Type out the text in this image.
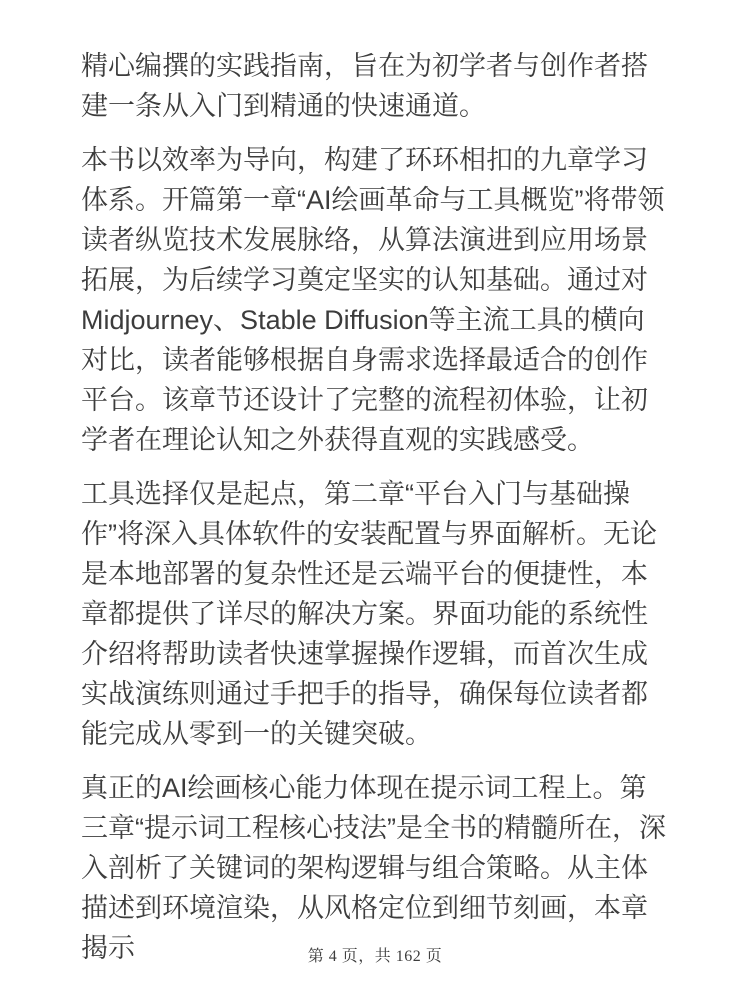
精心编撰的实践指南，旨在为初学者与创作者搭建一条从入门到精通的快速通道。

本书以效率为导向，构建了环环相扣的九章学习体系。开篇第一章“AI绘画革命与工具概览”将带领读者纵览技术发展脉络，从算法演进到应用场景拓展，为后续学习奠定坚实的认知基础。通过对Midjourney、Stable Diffusion等主流工具的横向对比，读者能够根据自身需求选择最适合的创作平台。该章节还设计了完整的流程初体验，让初学者在理论认知之外获得直观的实践感受。

工具选择仅是起点，第二章“平台入门与基础操作”将深入具体软件的安装配置与界面解析。无论是本地部署的复杂性还是云端平台的便捷性，本章都提供了详尽的解决方案。界面功能的系统性介绍将帮助读者快速掌握操作逻辑，而首次生成实战演练则通过手把手的指导，确保每位读者都能完成从零到一的关键突破。

真正的AI绘画核心能力体现在提示词工程上。第三章“提示词工程核心技法”是全书的精髓所在，深入剖析了关键词的架构逻辑与组合策略。从主体描述到环境渲染，从风格定位到细节刻画，本章揭示	第 4 页，共 162 页
